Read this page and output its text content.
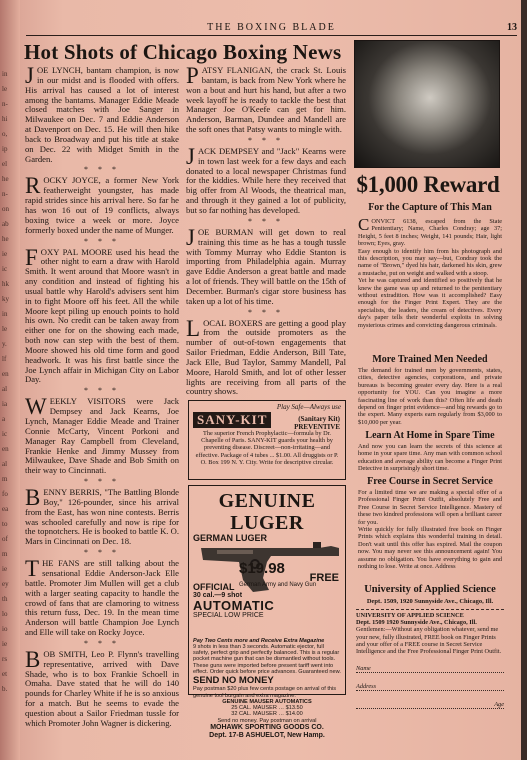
in
le
n-
hi
o,
ip
el
he
n-
on
ab
he
ie
ic
hk
ky
in
le
y.
lf
en
al
ia
a
ic
en
al
m
fo
ea
to
of
m
ie
ey
th
lo
io
ie
rs
et
b.
THE BOXING BLADE	13
Hot Shots of Chicago Boxing News
JOE LYNCH, bantam champion, is now in our midst and is flooded with offers. His arrival has caused a lot of interest among the bantams. Manager Eddie Meade closed matches with Joe Sanger in Milwaukee on Dec. 7 and Eddie Anderson at Davenport on Dec. 15. He will then hike back to Broadway and put his title at stake on Dec. 22 with Midget Smith in the Garden.
* * *
ROCKY JOYCE, a former New York featherweight youngster, has made rapid strides since his arrival here. So far he has won 16 out of 19 conflicts, always boxing twice a week or more. Joyce formerly boxed under the name of Munger.
* * *
FOXY PAL MOORE used his head the other night to earn a draw with Harold Smith. It went around that Moore wasn't in any condition and instead of fighting his usual battle why Harold's advisers sent him in to fight Moore off his feet. All the while Moore kept piling up enouch points to hold his own. No credit can be taken away from either one for on the showing each made, both now can step with the best of them. Moore showed his old time form and good headwork. It was his first battle since the Joe Lynch affair in Michigan City on Labor Day.
* * *
WEEKLY VISITORS were Jack Dempsey and Jack Kearns, Joe Lynch, Manager Eddie Meade and Trainer Connie McCarty, Vincent Porkoni and Manager Ray Campbell from Cleveland, Frankie Henke and Jimmy Mussey from Milwaukee, Dave Shade and Bob Smith on their way to Cincinnati.
* * *
BENNY BERRIS, "The Battling Blonde Boy," 126-pounder, since his arrival from the East, has won nine contests. Berris was schooled carefully and now is ripe for the topnotchers. He is booked to battle K. O. Mars in Cincinnati on Dec. 18.
* * *
THE FANS are still talking about the sensational Eddie Anderson-Jack Elle battle. Promoter Jim Mullen will get a club with a larger seating capacity to handle the crowd of fans that are clamoring to witness this return fuss, Dec. 19. In the mean time Anderson will battle Champion Joe Lynch and Elle will take on Rocky Joyce.
* * *
BOB SMITH, Leo P. Flynn's travelling representative, arrived with Dave Shade, who is to box Frankie Schoell in Omaha. Dave stated that he will do 140 pounds for Charley White if he is so anxious for a match. But he seems to evade the question about a Sailor Friedman tussle for which Promoter John Wagner is dickering.
PATSY FLANIGAN, the crack St. Louis bantam, is back from New York where he won a bout and hurt his hand, but after a two week layoff he is ready to tackle the best that Manager Joe O'Keefe can get for him. Anderson, Barman, Dundee and Mandell are the soft ones that Patsy wants to mingle with.
* * *
JACK DEMPSEY and "Jack" Kearns were in town last week for a few days and each donated to a local newspaper Christmas fund for the kiddies. While here they received that big offer from Al Woods, the theatrical man, and through it they gained a lot of publicity, but so far nothing has developed.
* * *
JOE BURMAN will get down to real training this time as he has a tough tussle with Tommy Murray who Eddie Stanton is importing from Philadelphia again. Murray gave Eddie Anderson a great battle and made a lot of friends. They will battle on the 15th of December. Burman's cigar store business has taken up a lot of his time.
* * *
LOCAL BOXERS are getting a good play from the outside promoters as the number of out-of-town engagements that Sailor Friedman, Eddie Anderson, Bill Tate, Jack Elle, Bud Taylor, Sammy Mandell, Pal Moore, Harold Smith, and lot of other lesser lights are receiving from all parts of the country shows.
Play Safe—Always use
SANY-KIT	(Sanitary Kit)
PREVENTIVE
The superior French Prophylactic—formula by Dr. Chapelle of Paris. SANY-KIT guards your health by preventing disease. Discreet—non-irritating—and effective. Package of 4 tubes ... $1.00. All druggists or P. O. Box 199 N. Y. City. Write for descriptive circular.
GENUINE LUGER
GERMAN LUGER
30 cal.—9 shot
AUTOMATIC
SPECIAL LOW PRICE
$19.98
FREE
OFFICIAL German Army and Navy Gun
Pay Two Cents more and Receive Extra Magazine
9 shots in less than 3 seconds. Automatic ejector, full safety, perfect grip and perfectly balanced. This is a regular pocket machine gun that can be dismantled without tools. These guns were imported before present tariff went into effect. Order quick before price advances. Guaranteed new.
SEND NO MONEY
Pay postman $20 plus few cents postage on arrival of this genuine tool burgain and extra magazine.
GENUINE MAUSER AUTOMATICS
25 CAL. MAUSER … $13.50
32 CAL. MAUSER … $14.00
Send no money. Pay postman on arrival
MOHAWK SPORTING GOODS CO.
Dept. 17-B ASHUELOT, New Hamp.
$1,000 Reward
For the Capture of This Man
C ONVICT 6138, escaped from the State Penitentiary; Name, Charles Condray; age 37; Height, 5 feet 8 inches; Weight, 141 pounds; Hair, light brown; Eyes, gray.
Easy enough to identify him from his photograph and this description, you may say—but, Condray took the name of "Brown," dyed his hair, darkened his skin, grew a mustache, put on weight and walked with a stoop.
Yet he was captured and identified so positively that he knew the game was up and returned to the penitentiary without extradition. How was it accomplished? Easy enough for the Finger Print Expert. They are the specialists, the leaders, the cream of detectives. Every day's paper tells their wonderful exploits in solving mysterious crimes and convicting dangerous criminals.
More Trained Men Needed
The demand for trained men by governments, states, cities, detective agencies, corporations, and private bureaus is becoming greater every day. Here is a real opportunity for YOU. Can you imagine a more fascinating line of work than this? Often life and death depend on finger print evidence—and big rewards go to the expert. Many experts earn regularly from $3,000 to $10,000 per year.
Learn At Home in Spare Time
And now you can learn the secrets of this science at home in your spare time. Any man with common school education and average ability can become a Finger Print Detective in surprisingly short time.
Free Course in Secret Service
For a limited time we are making a special offer of a Professional Finger Print Outfit, absolutely Free and Free Course in Secret Service Intelligence. Mastery of these two kindred professions will open a brilliant career for you.
Write quickly for fully illustrated free book on Finger Prints which explains this wonderful training in detail. Don't wait until this offer has expired. Mail the coupon now. You may never see this announcement again! You assume no obligation. You have everything to gain and nothing to lose. Write at once. Address
University of Applied Science
Dept. 1509, 1920 Sunnyside Ave., Chicago, Ill.
UNIVERSITY OF APPLIED SCIENCE
Dept. 1509 1920 Sunnyside Ave., Chicago, Ill.
Gentlemen:—Without any obligation whatever, send me your new, fully illustrated, FREE book on Finger Prints and your offer of a FREE course in Secret Service Intelligence and the Free Professional Finger Print Outfit.
Name
Address
Age
